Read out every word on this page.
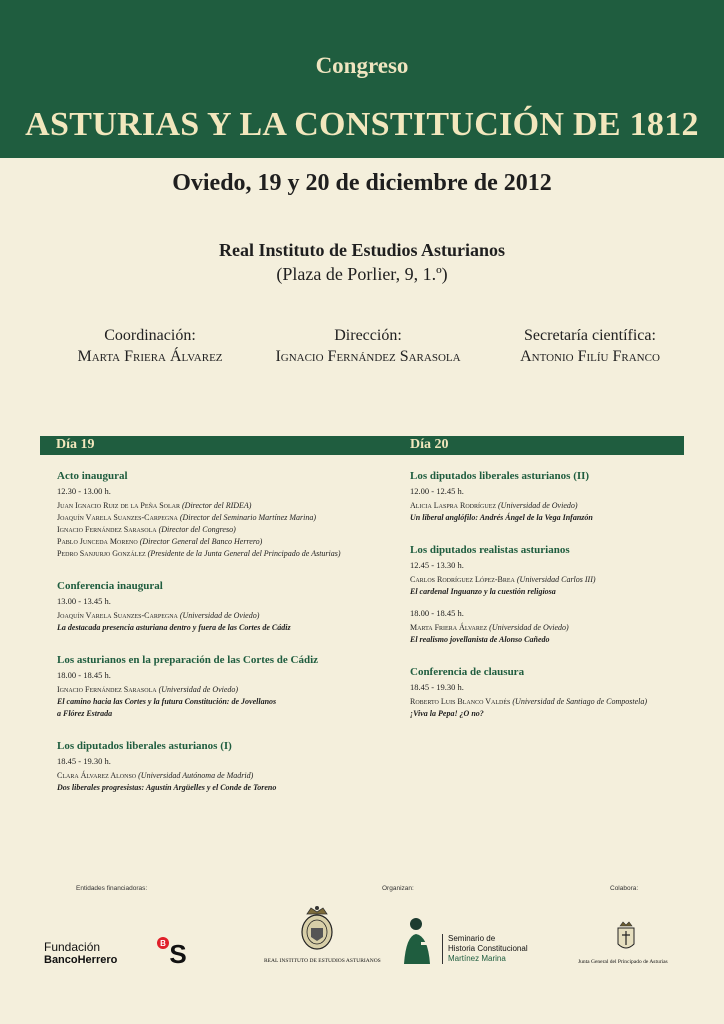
Congreso
ASTURIAS Y LA CONSTITUCIÓN DE 1812
Oviedo, 19 y 20 de diciembre de 2012
Real Instituto de Estudios Asturianos
(Plaza de Porlier, 9, 1.º)
Coordinación:
Marta Friera Álvarez
Dirección:
Ignacio Fernández Sarasola
Secretaría científica:
Antonio Filíu Franco
Día 19	Día 20
Acto inaugural
12.30 - 13.00 h.
Juan Ignacio Ruiz de la Peña Solar (Director del RIDEA)
Joaquín Varela Suanzes-Carpegna (Director del Seminario Martínez Marina)
Ignacio Fernández Sarasola (Director del Congreso)
Pablo Junceda Moreno (Director General del Banco Herrero)
Pedro Sanjurjo González (Presidente de la Junta General del Principado de Asturias)
Conferencia inaugural
13.00 - 13.45 h.
Joaquín Varela Suanzes-Carpegna (Universidad de Oviedo)
La destacada presencia asturiana dentro y fuera de las Cortes de Cádiz
Los asturianos en la preparación de las Cortes de Cádiz
18.00 - 18.45 h.
Ignacio Fernández Sarasola (Universidad de Oviedo)
El camino hacia las Cortes y la futura Constitución: de Jovellanos
a Flórez Estrada
Los diputados liberales asturianos (I)
18.45 - 19.30 h.
Clara Álvarez Alonso (Universidad Autónoma de Madrid)
Dos liberales progresistas: Agustín Argüelles y el Conde de Toreno
Los diputados liberales asturianos (II)
12.00 - 12.45 h.
Alicia Laspra Rodríguez (Universidad de Oviedo)
Un liberal anglófilo: Andrés Ángel de la Vega Infanzón
Los diputados realistas asturianos
12.45 - 13.30 h.
Carlos Rodríguez López-Brea (Universidad Carlos III)
El cardenal Inguanzo y la cuestión religiosa
18.00 - 18.45 h.
Marta Friera Álvarez (Universidad de Oviedo)
El realismo jovellanista de Alonso Cañedo
Conferencia de clausura
18.45 - 19.30 h.
Roberto Luis Blanco Valdés (Universidad de Santiago de Compostela)
¡Viva la Pepa! ¿O no?
Entidades financiadoras:	Organizan:	Colabora:
Fundación
BancoHerrero
B S	REAL INSTITUTO DE ESTUDIOS ASTURIANOS
Seminario de
Historia Constitucional
Martínez Marina	Junta General del Principado de Asturias
